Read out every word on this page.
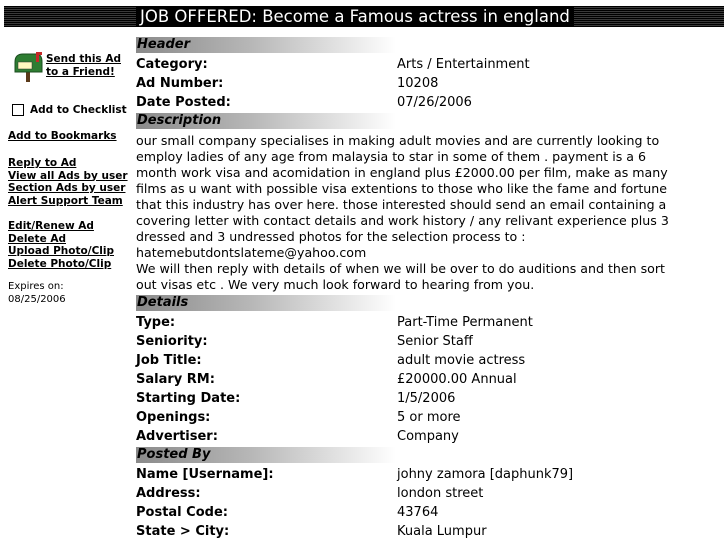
JOB OFFERED: Become a Famous actress in england
Send this Ad
to a Friend!
Add to Checklist
Add to Bookmarks
Reply to Ad
View all Ads by user
Section Ads by user
Alert Support Team
Edit/Renew Ad
Delete Ad
Upload Photo/Clip
Delete Photo/Clip
Expires on:
08/25/2006
Header
Category:	Arts / Entertainment
Ad Number:	10208
Date Posted:	07/26/2006
Description
our small company specialises in making adult movies and are currently looking to
employ ladies of any age from malaysia to star in some of them . payment is a 6
month work visa and acomidation in england plus £2000.00 per film, make as many
films as u want with possible visa extentions to those who like the fame and fortune
that this industry has over here. those interested should send an email containing a
covering letter with contact details and work history / any relivant experience plus 3
dressed and 3 undressed photos for the selection process to :
hatemebutdontslateme@yahoo.com
We will then reply with details of when we will be over to do auditions and then sort
out visas etc . We very much look forward to hearing from you.
Details
Type:	Part-Time Permanent
Seniority:	Senior Staff
Job Title:	adult movie actress
Salary RM:	£20000.00 Annual
Starting Date:	1/5/2006
Openings:	5 or more
Advertiser:	Company
Posted By
Name [Username]:	johny zamora [daphunk79]
Address:	london street
Postal Code:	43764
State > City:	Kuala Lumpur
